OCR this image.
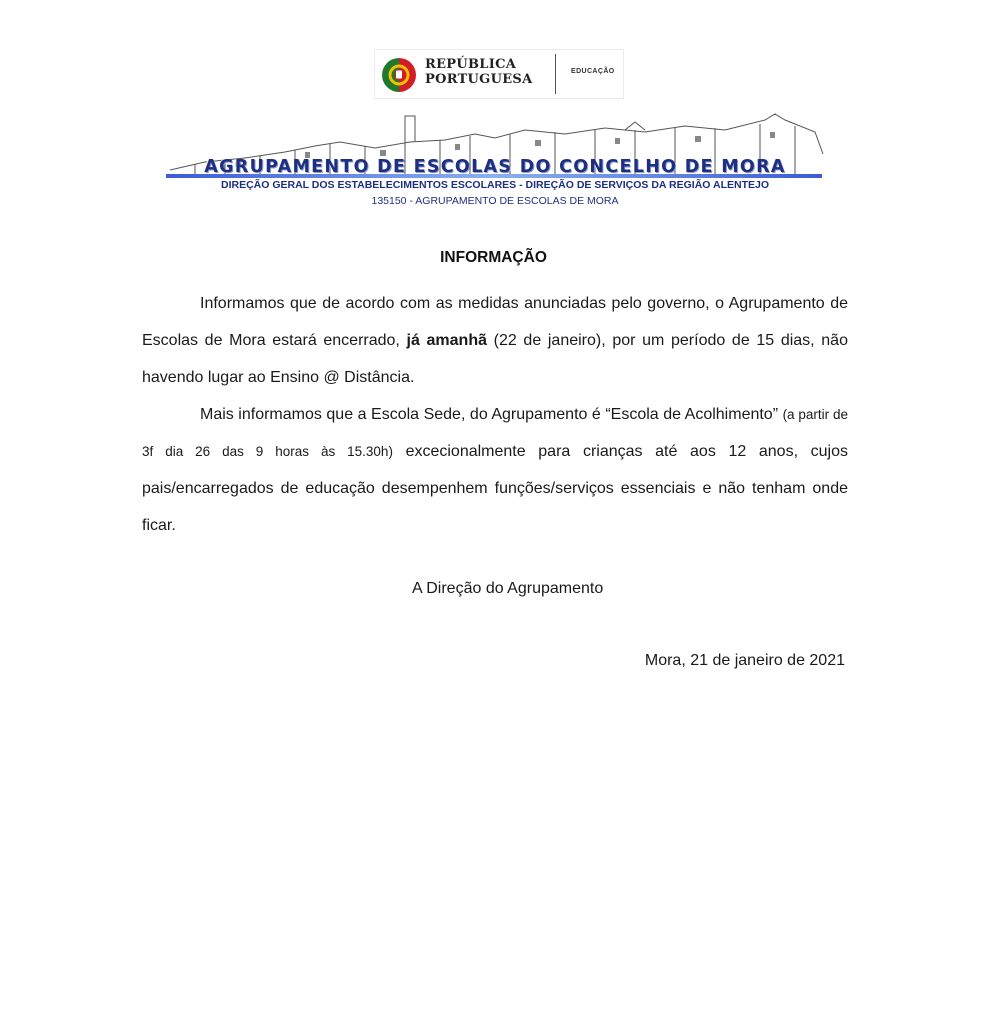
REPÚBLICA
PORTUGUESA
EDUCAÇÃO
AGRUPAMENTO DE ESCOLAS DO CONCELHO DE MORA
DIREÇÃO GERAL DOS ESTABELECIMENTOS ESCOLARES - DIREÇÃO DE SERVIÇOS DA REGIÃO ALENTEJO
135150 - AGRUPAMENTO DE ESCOLAS DE MORA
INFORMAÇÃO

Informamos que de acordo com as medidas anunciadas pelo governo, o Agrupamento de Escolas de Mora estará encerrado, já amanhã (22 de janeiro), por um período de 15 dias, não havendo lugar ao Ensino @ Distância.

Mais informamos que a Escola Sede, do Agrupamento é “Escola de Acolhimento” (a partir de 3f dia 26 das 9 horas às 15.30h) excecionalmente para crianças até aos 12 anos, cujos pais/encarregados de educação desempenhem funções/serviços essenciais e não tenham onde ficar.

A Direção do Agrupamento
Mora, 21 de janeiro de 2021
